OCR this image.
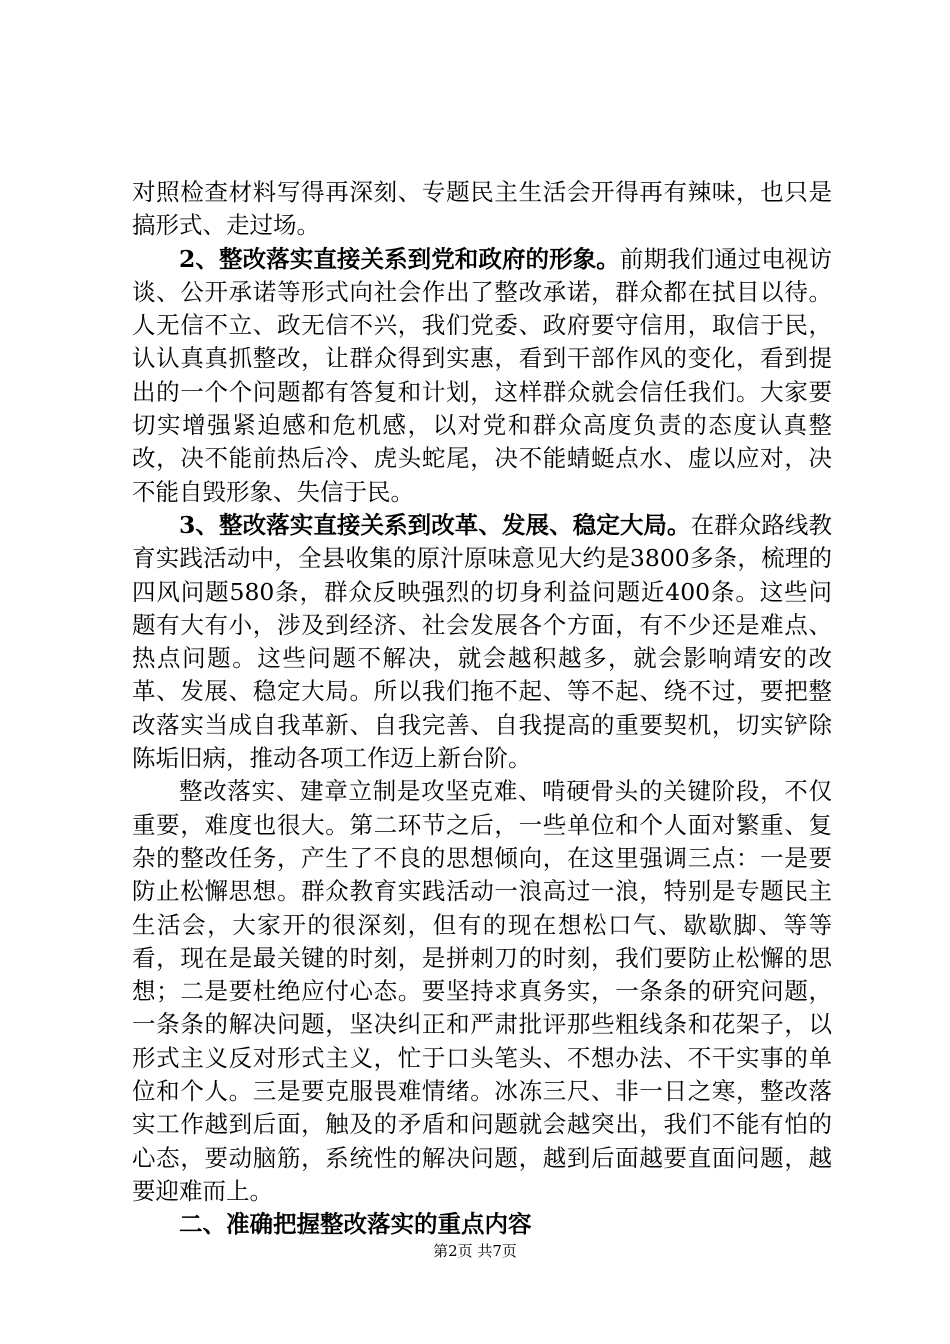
对照检查材料写得再深刻、专题民主生活会开得再有辣味，也只是搞形式、走过场。

2、整改落实直接关系到党和政府的形象。前期我们通过电视访谈、公开承诺等形式向社会作出了整改承诺，群众都在拭目以待。人无信不立、政无信不兴，我们党委、政府要守信用，取信于民，认认真真抓整改，让群众得到实惠，看到干部作风的变化，看到提出的一个个问题都有答复和计划，这样群众就会信任我们。大家要切实增强紧迫感和危机感，以对党和群众高度负责的态度认真整改，决不能前热后冷、虎头蛇尾，决不能蜻蜓点水、虚以应对，决不能自毁形象、失信于民。

3、整改落实直接关系到改革、发展、稳定大局。在群众路线教育实践活动中，全县收集的原汁原味意见大约是3800多条，梳理的四风问题580条，群众反映强烈的切身利益问题近400条。这些问题有大有小，涉及到经济、社会发展各个方面，有不少还是难点、热点问题。这些问题不解决，就会越积越多，就会影响靖安的改革、发展、稳定大局。所以我们拖不起、等不起、绕不过，要把整改落实当成自我革新、自我完善、自我提高的重要契机，切实铲除陈垢旧病，推动各项工作迈上新台阶。

整改落实、建章立制是攻坚克难、啃硬骨头的关键阶段，不仅重要，难度也很大。第二环节之后，一些单位和个人面对繁重、复杂的整改任务，产生了不良的思想倾向，在这里强调三点：一是要防止松懈思想。群众教育实践活动一浪高过一浪，特别是专题民主生活会，大家开的很深刻，但有的现在想松口气、歇歇脚、等等看，现在是最关键的时刻，是拼刺刀的时刻，我们要防止松懈的思想；二是要杜绝应付心态。要坚持求真务实，一条条的研究问题，一条条的解决问题，坚决纠正和严肃批评那些粗线条和花架子，以形式主义反对形式主义，忙于口头笔头、不想办法、不干实事的单位和个人。三是要克服畏难情绪。冰冻三尺、非一日之寒，整改落实工作越到后面，触及的矛盾和问题就会越突出，我们不能有怕的心态，要动脑筋，系统性的解决问题，越到后面越要直面问题，越要迎难而上。

二、准确把握整改落实的重点内容

第2页 共7页
